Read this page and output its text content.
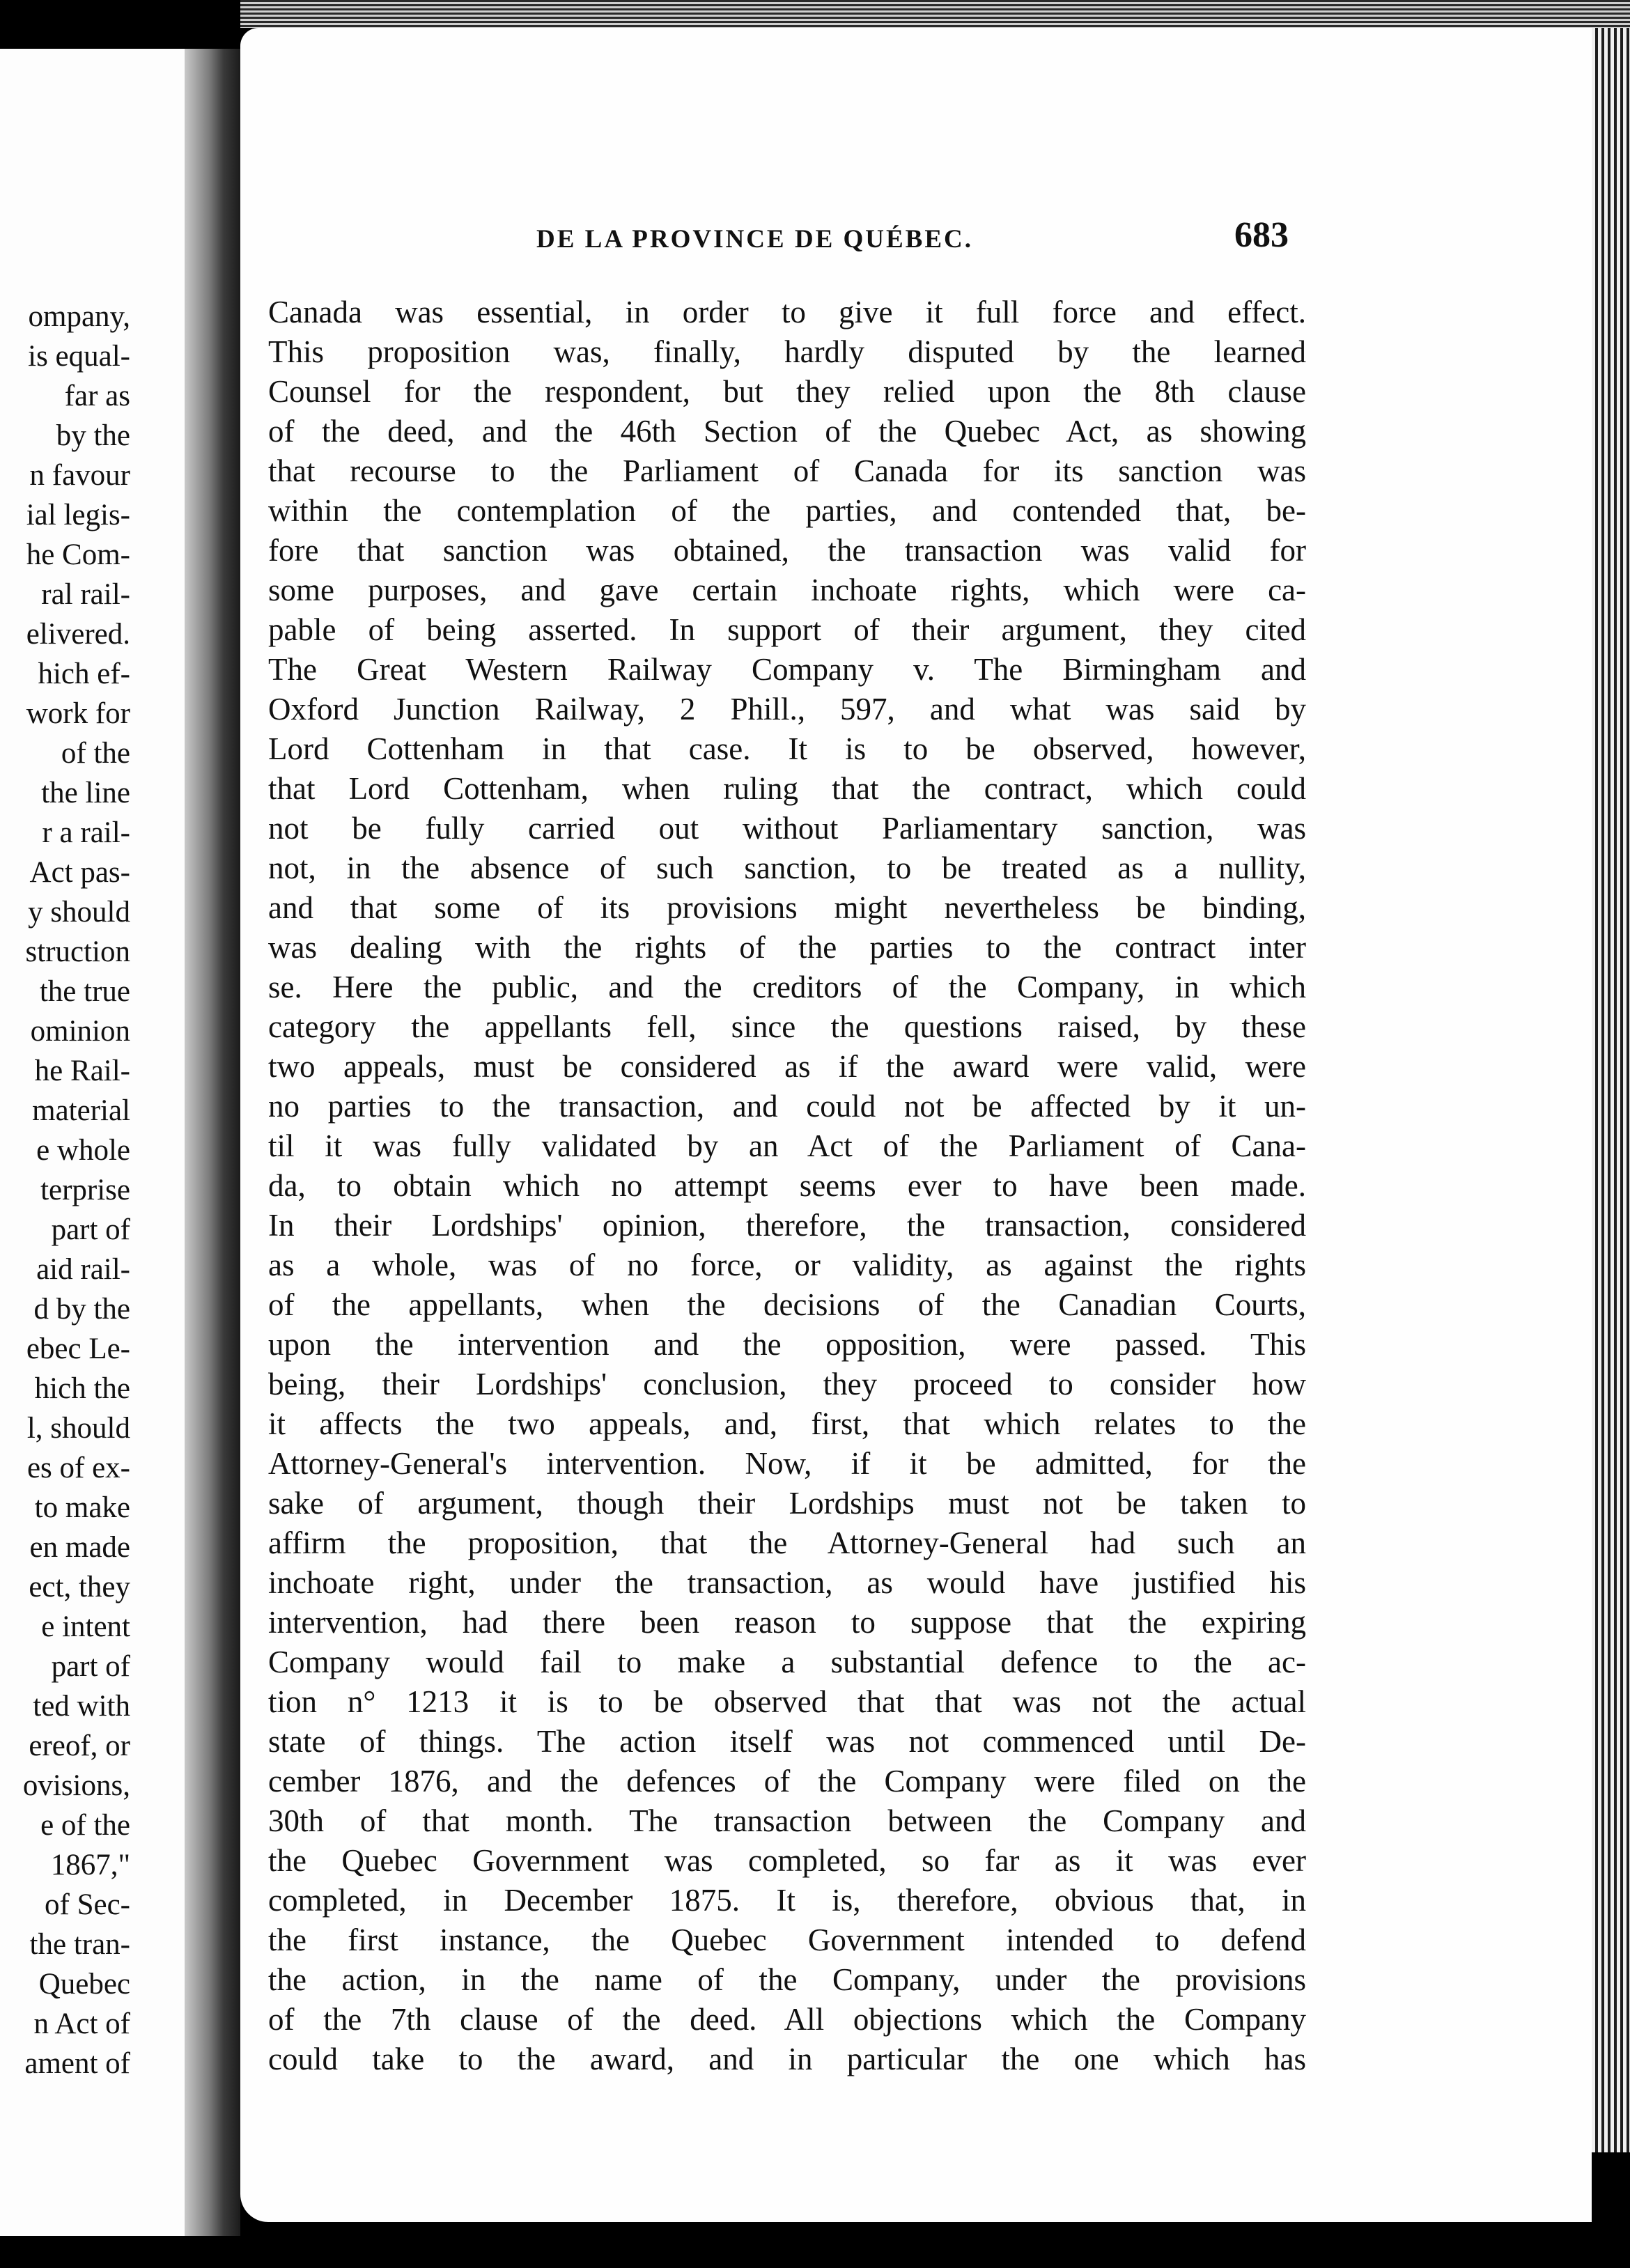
ompany,
is equal-
far as
by the
n favour
ial legis-
he Com-
ral rail-
elivered.
hich ef-
work for
of the
the line
r a rail-
Act pas-
y should
struction
the true
ominion
he Rail-
material
e whole
terprise
part of
aid rail-
d by the
ebec Le-
hich the
l, should
es of ex-
to make
en made
ect, they
e intent
part of
ted with
ereof, or
ovisions,
e of the
1867,"
of Sec-
the tran-
Quebec
n Act of
ament of
DE LA PROVINCE DE QUÉBEC.	683
Canada was essential, in order to give it full force and effect.
This proposition was, finally, hardly disputed by the learned
Counsel for the respondent, but they relied upon the 8th clause
of the deed, and the 46th Section of the Quebec Act, as showing
that recourse to the Parliament of Canada for its sanction was
within the contemplation of the parties, and contended that, be-
fore that sanction was obtained, the transaction was valid for
some purposes, and gave certain inchoate rights, which were ca-
pable of being asserted. In support of their argument, they cited
The Great Western Railway Company v. The Birmingham and
Oxford Junction Railway, 2 Phill., 597, and what was said by
Lord Cottenham in that case. It is to be observed, however,
that Lord Cottenham, when ruling that the contract, which could
not be fully carried out without Parliamentary sanction, was
not, in the absence of such sanction, to be treated as a nullity,
and that some of its provisions might nevertheless be binding,
was dealing with the rights of the parties to the contract inter
se. Here the public, and the creditors of the Company, in which
category the appellants fell, since the questions raised, by these
two appeals, must be considered as if the award were valid, were
no parties to the transaction, and could not be affected by it un-
til it was fully validated by an Act of the Parliament of Cana-
da, to obtain which no attempt seems ever to have been made.
In their Lordships' opinion, therefore, the transaction, considered
as a whole, was of no force, or validity, as against the rights
of the appellants, when the decisions of the Canadian Courts,
upon the intervention and the opposition, were passed. This
being, their Lordships' conclusion, they proceed to consider how
it affects the two appeals, and, first, that which relates to the
Attorney-General's intervention. Now, if it be admitted, for the
sake of argument, though their Lordships must not be taken to
affirm the proposition, that the Attorney-General had such an
inchoate right, under the transaction, as would have justified his
intervention, had there been reason to suppose that the expiring
Company would fail to make a substantial defence to the ac-
tion n° 1213 it is to be observed that that was not the actual
state of things. The action itself was not commenced until De-
cember 1876, and the defences of the Company were filed on the
30th of that month. The transaction between the Company and
the Quebec Government was completed, so far as it was ever
completed, in December 1875. It is, therefore, obvious that, in
the first instance, the Quebec Government intended to defend
the action, in the name of the Company, under the provisions
of the 7th clause of the deed. All objections which the Company
could take to the award, and in particular the one which has
